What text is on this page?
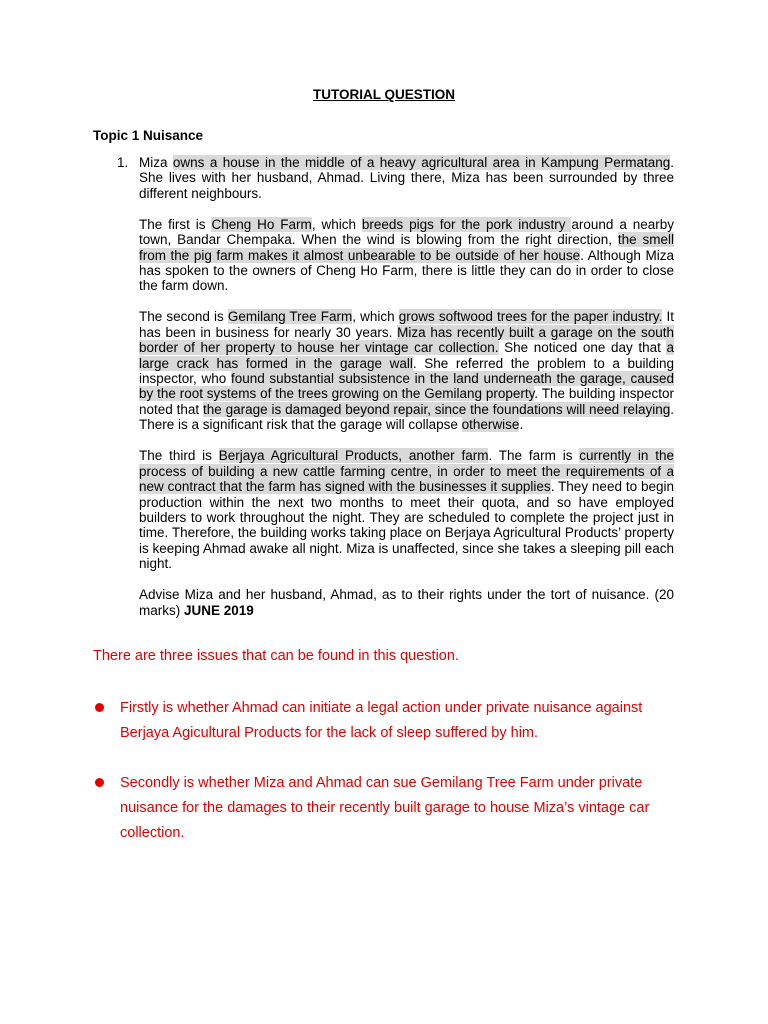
TUTORIAL QUESTION
Topic 1 Nuisance
1. Miza owns a house in the middle of a heavy agricultural area in Kampung Permatang. She lives with her husband, Ahmad. Living there, Miza has been surrounded by three different neighbours.

The first is Cheng Ho Farm, which breeds pigs for the pork industry around a nearby town, Bandar Chempaka. When the wind is blowing from the right direction, the smell from the pig farm makes it almost unbearable to be outside of her house. Although Miza has spoken to the owners of Cheng Ho Farm, there is little they can do in order to close the farm down.

The second is Gemilang Tree Farm, which grows softwood trees for the paper industry. It has been in business for nearly 30 years. Miza has recently built a garage on the south border of her property to house her vintage car collection. She noticed one day that a large crack has formed in the garage wall. She referred the problem to a building inspector, who found substantial subsistence in the land underneath the garage, caused by the root systems of the trees growing on the Gemilang property. The building inspector noted that the garage is damaged beyond repair, since the foundations will need relaying. There is a significant risk that the garage will collapse otherwise.

The third is Berjaya Agricultural Products, another farm. The farm is currently in the process of building a new cattle farming centre, in order to meet the requirements of a new contract that the farm has signed with the businesses it supplies. They need to begin production within the next two months to meet their quota, and so have employed builders to work throughout the night. They are scheduled to complete the project just in time. Therefore, the building works taking place on Berjaya Agricultural Products’ property is keeping Ahmad awake all night. Miza is unaffected, since she takes a sleeping pill each night.

Advise Miza and her husband, Ahmad, as to their rights under the tort of nuisance. (20 marks) JUNE 2019

There are three issues that can be found in this question.
Firstly is whether Ahmad can initiate a legal action under private nuisance against Berjaya Agicultural Products for the lack of sleep suffered by him.
Secondly is whether Miza and Ahmad can sue Gemilang Tree Farm under private nuisance for the damages to their recently built garage to house Miza’s vintage car collection.
